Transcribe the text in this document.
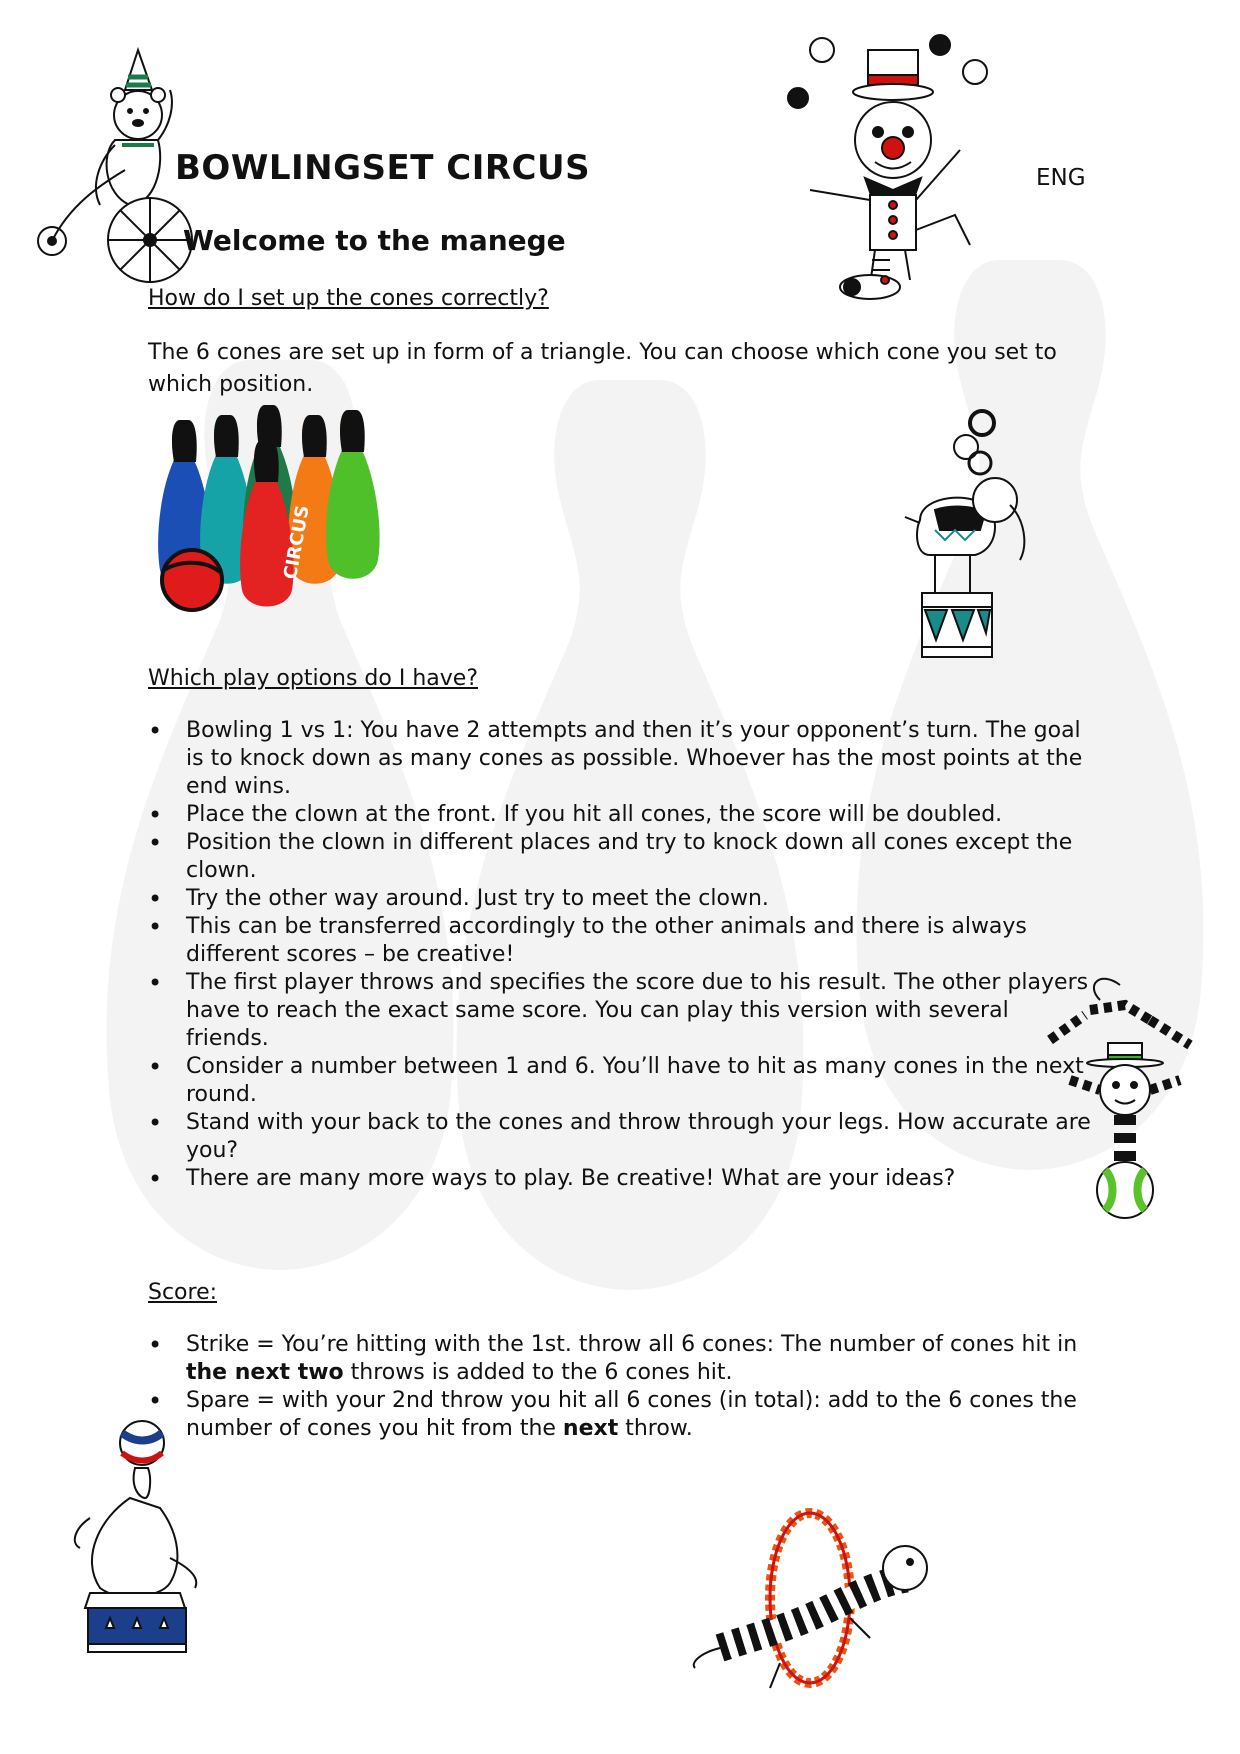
BOWLINGSET CIRCUS	ENG
Welcome to the manege
How do I set up the cones correctly?
The 6 cones are set up in form of a triangle. You can choose which cone you set to which position.
CIRCUS
Which play options do I have?
• Bowling 1 vs 1: You have 2 attempts and then it’s your opponent’s turn. The goal is to knock down as many cones as possible. Whoever has the most points at the end wins.
• Place the clown at the front. If you hit all cones, the score will be doubled.
• Position the clown in different places and try to knock down all cones except the clown.
• Try the other way around. Just try to meet the clown.
• This can be transferred accordingly to the other animals and there is always different scores – be creative!
• The first player throws and specifies the score due to his result. The other players have to reach the exact same score. You can play this version with several friends.
• Consider a number between 1 and 6. You’ll have to hit as many cones in the next round.
• Stand with your back to the cones and throw through your legs. How accurate are you?
• There are many more ways to play. Be creative! What are your ideas?
Score:
• Strike = You’re hitting with the 1st. throw all 6 cones: The number of cones hit in the next two throws is added to the 6 cones hit.
• Spare = with your 2nd throw you hit all 6 cones (in total): add to the 6 cones the number of cones you hit from the next throw.
